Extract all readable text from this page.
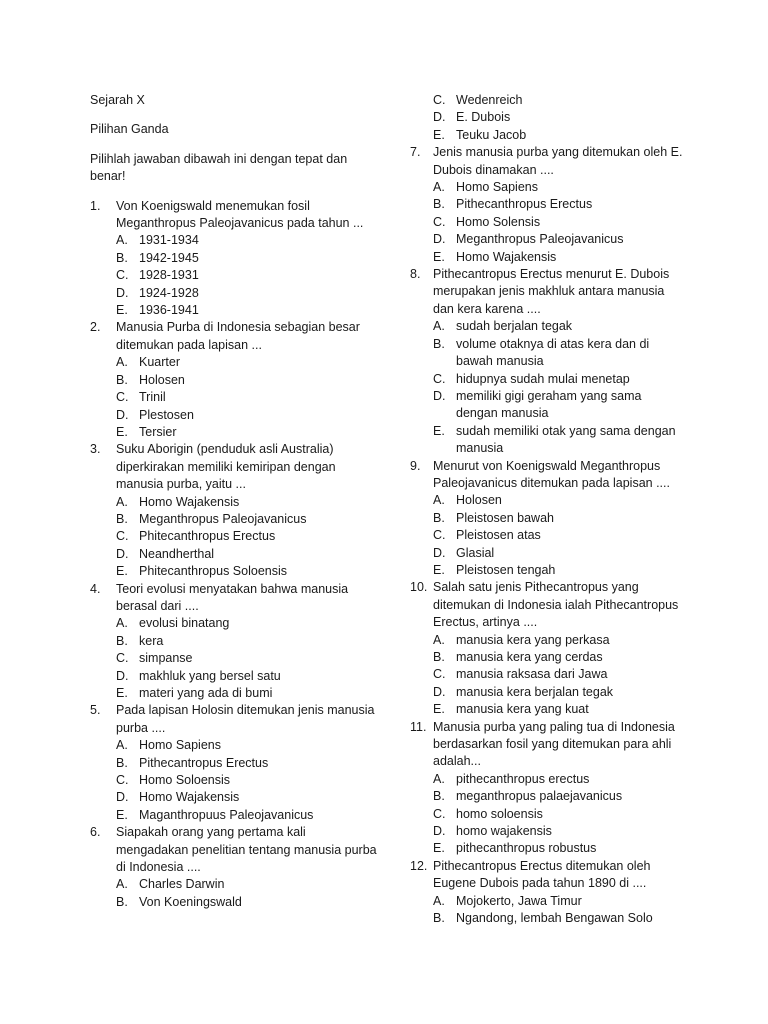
Sejarah X

Pilihan Ganda

Pilihlah jawaban dibawah ini dengan tepat dan benar!

1.	Von Koenigswald menemukan fosil Meganthropus Paleojavanicus pada tahun ...
A. 1931-1934
B. 1942-1945
C. 1928-1931
D. 1924-1928
E. 1936-1941
2.	Manusia Purba di Indonesia sebagian besar ditemukan pada lapisan ...
A. Kuarter
B. Holosen
C. Trinil
D. Plestosen
E. Tersier
3.	Suku Aborigin (penduduk asli Australia) diperkirakan memiliki kemiripan dengan manusia purba, yaitu ...
A. Homo Wajakensis
B. Meganthropus Paleojavanicus
C. Phitecanthropus Erectus
D. Neandherthal
E. Phitecanthropus Soloensis
4.	Teori evolusi menyatakan bahwa manusia berasal dari ....
A. evolusi binatang
B. kera
C. simpanse
D. makhluk yang bersel satu
E. materi yang ada di bumi
5.	Pada lapisan Holosin ditemukan jenis manusia purba ....
A. Homo Sapiens
B. Pithecantropus Erectus
C. Homo Soloensis
D. Homo Wajakensis
E. Maganthropuus Paleojavanicus
6.	Siapakah orang yang pertama kali mengadakan penelitian tentang manusia purba di Indonesia ....
A. Charles Darwin
B. Von Koeningswald
C. Wedenreich
D. E. Dubois
E. Teuku Jacob
7.	Jenis manusia purba yang ditemukan oleh E. Dubois dinamakan ....
A. Homo Sapiens
B. Pithecanthropus Erectus
C. Homo Solensis
D. Meganthropus Paleojavanicus
E. Homo Wajakensis
8.	Pithecantropus Erectus menurut E. Dubois merupakan jenis makhluk antara manusia dan kera karena ....
A. sudah berjalan tegak
B. volume otaknya di atas kera dan di bawah manusia
C. hidupnya sudah mulai menetap
D. memiliki gigi geraham yang sama dengan manusia
E. sudah memiliki otak yang sama dengan manusia
9.	Menurut von Koenigswald Meganthropus Paleojavanicus ditemukan pada lapisan ....
A. Holosen
B. Pleistosen bawah
C. Pleistosen atas
D. Glasial
E. Pleistosen tengah
10. Salah satu jenis Pithecantropus yang ditemukan di Indonesia ialah Pithecantropus Erectus, artinya ....
A. manusia kera yang perkasa
B. manusia kera yang cerdas
C. manusia raksasa dari Jawa
D. manusia kera berjalan tegak
E. manusia kera yang kuat
11. Manusia purba yang paling tua di Indonesia berdasarkan fosil yang ditemukan para ahli adalah...
A. pithecanthropus erectus
B. meganthropus palaejavanicus
C. homo soloensis
D. homo wajakensis
E. pithecanthropus robustus
12. Pithecantropus Erectus ditemukan oleh Eugene Dubois pada tahun 1890 di ....
A. Mojokerto, Jawa Timur
B. Ngandong, lembah Bengawan Solo
